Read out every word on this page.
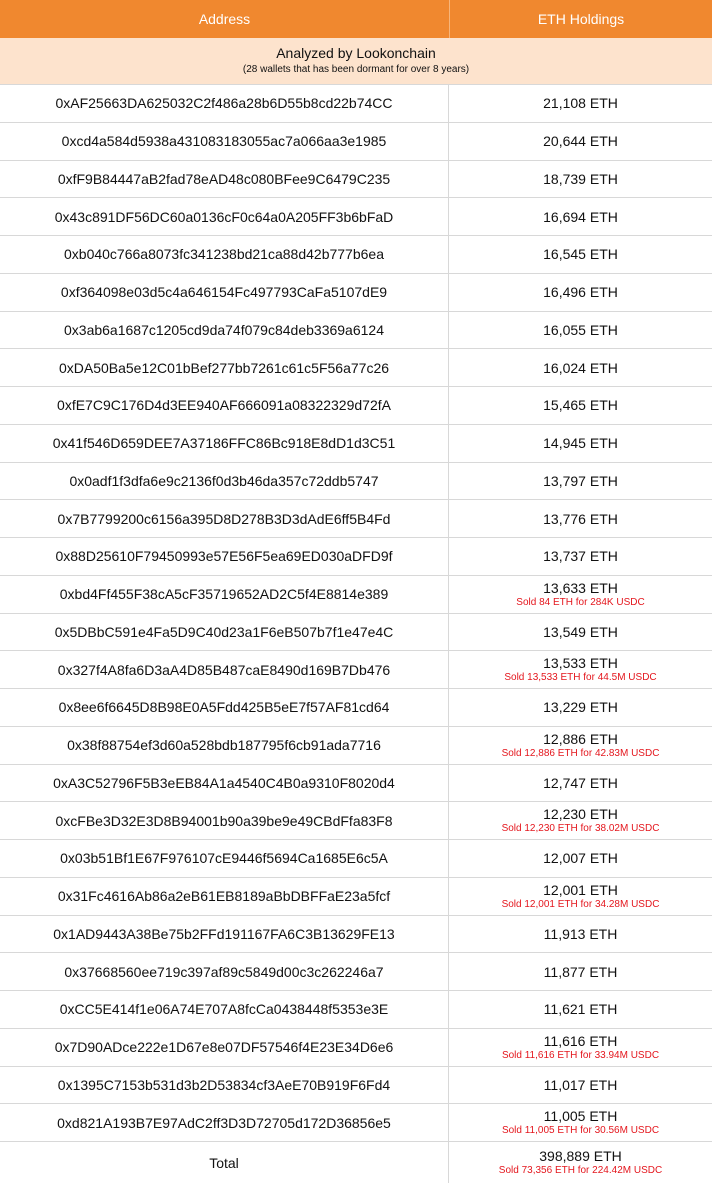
Address	ETH Holdings
Analyzed by Lookonchain
(28 wallets that has been dormant for over 8 years)
0xAF25663DA625032C2f486a28b6D55b8cd22b74CC	21,108 ETH
0xcd4a584d5938a431083183055ac7a066aa3e1985	20,644 ETH
0xfF9B84447aB2fad78eAD48c080BFee9C6479C235	18,739 ETH
0x43c891DF56DC60a0136cF0c64a0A205FF3b6bFaD	16,694 ETH
0xb040c766a8073fc341238bd21ca88d42b777b6ea	16,545 ETH
0xf364098e03d5c4a646154Fc497793CaFa5107dE9	16,496 ETH
0x3ab6a1687c1205cd9da74f079c84deb3369a6124	16,055 ETH
0xDA50Ba5e12C01bBef277bb7261c61c5F56a77c26	16,024 ETH
0xfE7C9C176D4d3EE940AF666091a08322329d72fA	15,465 ETH
0x41f546D659DEE7A37186FFC86Bc918E8dD1d3C51	14,945 ETH
0x0adf1f3dfa6e9c2136f0d3b46da357c72ddb5747	13,797 ETH
0x7B7799200c6156a395D8D278B3D3dAdE6ff5B4Fd	13,776 ETH
0x88D25610F79450993e57E56F5ea69ED030aDFD9f	13,737 ETH
0xbd4Ff455F38cA5cF35719652AD2C5f4E8814e389	13,633 ETH
Sold 84 ETH for 284K USDC
0x5DBbC591e4Fa5D9C40d23a1F6eB507b7f1e47e4C	13,549 ETH
0x327f4A8fa6D3aA4D85B487caE8490d169B7Db476	13,533 ETH
Sold 13,533 ETH for 44.5M USDC
0x8ee6f6645D8B98E0A5Fdd425B5eE7f57AF81cd64	13,229 ETH
0x38f88754ef3d60a528bdb187795f6cb91ada7716	12,886 ETH
Sold 12,886 ETH for 42.83M USDC
0xA3C52796F5B3eEB84A1a4540C4B0a9310F8020d4	12,747 ETH
0xcFBe3D32E3D8B94001b90a39be9e49CBdFfa83F8	12,230 ETH
Sold 12,230 ETH for 38.02M USDC
0x03b51Bf1E67F976107cE9446f5694Ca1685E6c5A	12,007 ETH
0x31Fc4616Ab86a2eB61EB8189aBbDBFFaE23a5fcf	12,001 ETH
Sold 12,001 ETH for 34.28M USDC
0x1AD9443A38Be75b2FFd191167FA6C3B13629FE13	11,913 ETH
0x37668560ee719c397af89c5849d00c3c262246a7	11,877 ETH
0xCC5E414f1e06A74E707A8fcCa0438448f5353e3E	11,621 ETH
0x7D90ADce222e1D67e8e07DF57546f4E23E34D6e6	11,616 ETH
Sold 11,616 ETH for 33.94M USDC
0x1395C7153b531d3b2D53834cf3AeE70B919F6Fd4	11,017 ETH
0xd821A193B7E97AdC2ff3D3D72705d172D36856e5	11,005 ETH
Sold 11,005 ETH for 30.56M USDC
Total	398,889 ETH
Sold 73,356 ETH for 224.42M USDC
